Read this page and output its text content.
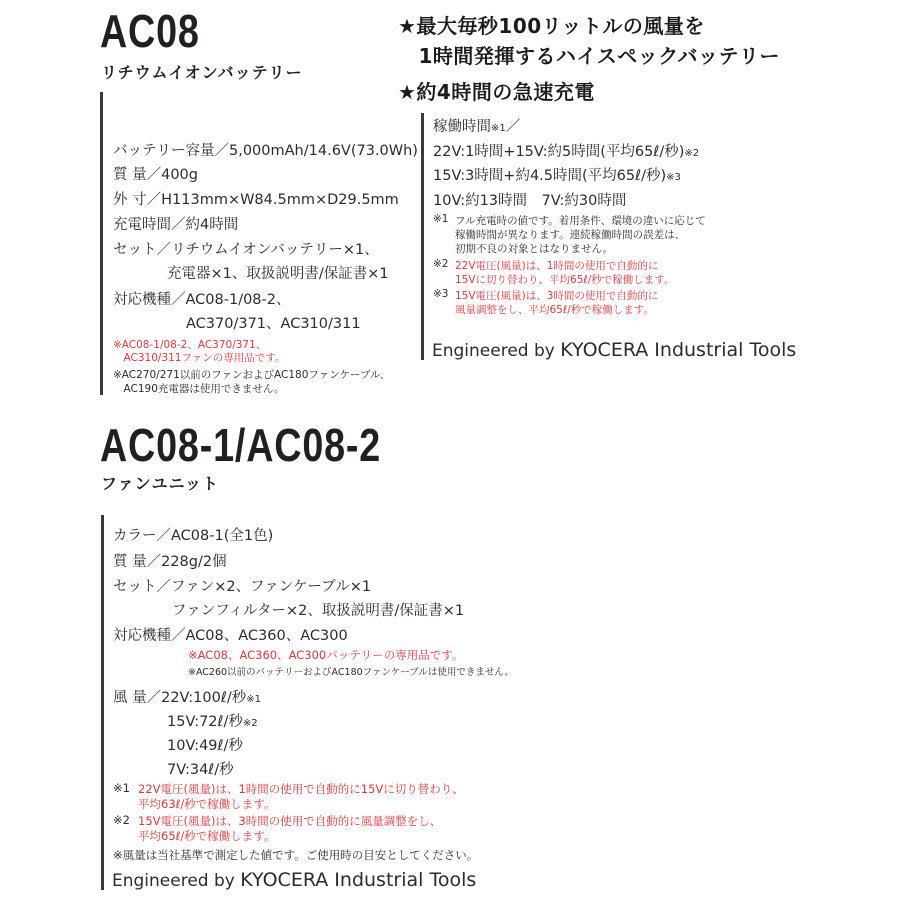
AC08
リチウムイオンバッテリー
★最大毎秒100リットルの風量を
　1時間発揮するハイスペックバッテリー
★約4時間の急速充電
バッテリー容量／5,000mAh/14.6V(73.0Wh)
質 量／400g
外 寸／H113mm×W84.5mm×D29.5mm
充電時間／約4時間
セット／リチウムイオンバッテリー×1、
充電器×1、取扱説明書/保証書×1
対応機種／AC08-1/08-2、
AC370/371、AC310/311
※AC08-1/08-2、AC370/371、
　AC310/311ファンの専用品です。
※AC270/271以前のファンおよびAC180ファンケーブル、
　AC190充電器は使用できません。
稼働時間※1／
22V:1時間+15V:約5時間(平均65ℓ/秒)※2
15V:3時間+約4.5時間(平均65ℓ/秒)※3
10V:約13時間　7V:約30時間
※1 フル充電時の値です。着用条件、環境の違いに応じて
稼働時間が異なります。連続稼働時間の誤差は、
初期不良の対象とはなりません。
※2 22V電圧(風量)は、1時間の使用で自動的に
15Vに切り替わり、平均65ℓ/秒で稼働します。
※3 15V電圧(風量)は、3時間の使用で自動的に
風量調整をし、平均65ℓ/秒で稼働します。
Engineered by KYOCERA Industrial Tools
AC08-1/AC08-2
ファンユニット
カラー／AC08-1(全1色)
質 量／228g/2個
セット／ファン×2、ファンケーブル×1
ファンフィルター×2、取扱説明書/保証書×1
対応機種／AC08、AC360、AC300
※AC08、AC360、AC300バッテリーの専用品です。
※AC260以前のバッテリーおよびAC180ファンケーブルは使用できません。
風 量／22V:100ℓ/秒※1
15V:72ℓ/秒※2
10V:49ℓ/秒
7V:34ℓ/秒
※1 22V電圧(風量)は、1時間の使用で自動的に15Vに切り替わり、
平均63ℓ/秒で稼働します。
※2 15V電圧(風量)は、3時間の使用で自動的に風量調整をし、
平均65ℓ/秒で稼働します。
※風量は当社基準で測定した値です。ご使用時の目安としてください。
Engineered by KYOCERA Industrial Tools
